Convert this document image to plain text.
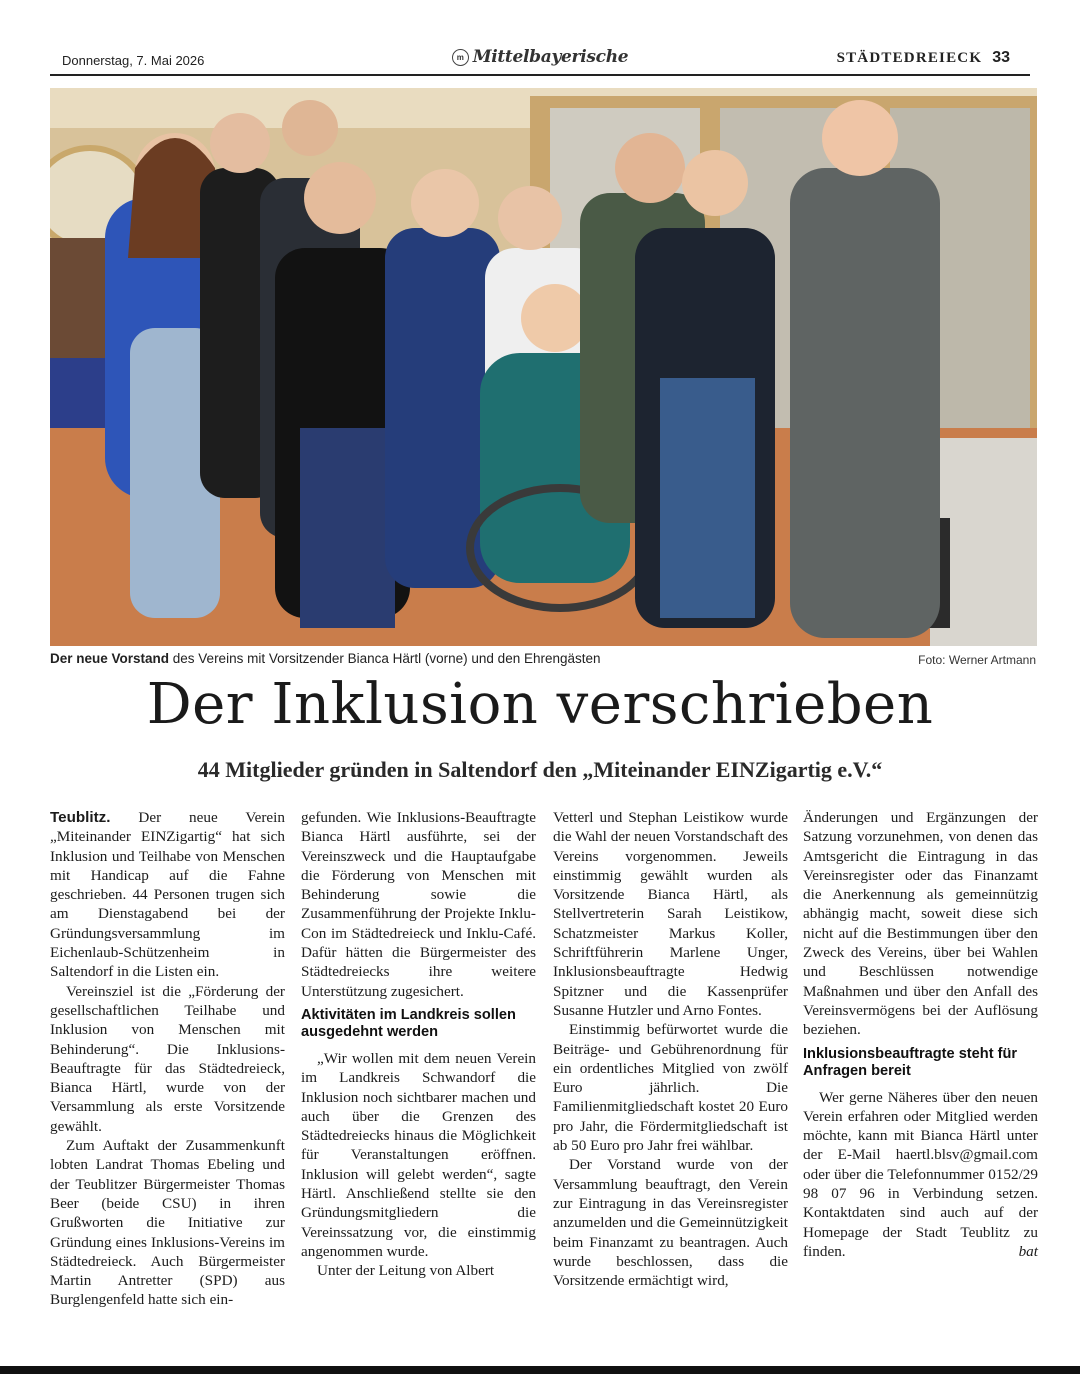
Donnerstag, 7. Mai 2026	m Mittelbayerische	STÄDTEDREIECK 33
Der neue Vorstand des Vereins mit Vorsitzender Bianca Härtl (vorne) und den Ehrengästen	Foto: Werner Artmann
Der Inklusion verschrieben
44 Mitglieder gründen in Saltendorf den „Miteinander EINZigartig e.V.“

Teublitz. Der neue Verein „Miteinander EINZigartig“ hat sich Inklusion und Teilhabe von Menschen mit Handicap auf die Fahne geschrieben. 44 Personen trugen sich am Dienstagabend bei der Gründungsversammlung im Eichenlaub-Schützenheim in Saltendorf in die Listen ein.

Vereinsziel ist die „Förderung der gesellschaftlichen Teilhabe und Inklusion von Menschen mit Behinderung“. Die Inklusions-Beauftragte für das Städtedreieck, Bianca Härtl, wurde von der Versammlung als erste Vorsitzende gewählt.

Zum Auftakt der Zusammenkunft lobten Landrat Thomas Ebeling und der Teublitzer Bürgermeister Thomas Beer (beide CSU) in ihren Grußworten die Initiative zur Gründung eines Inklusions-Vereins im Städtedreieck. Auch Bürgermeister Martin Antretter (SPD) aus Burglengenfeld hatte sich ein-

gefunden. Wie Inklusions-Beauftragte Bianca Härtl ausführte, sei der Vereinszweck und die Hauptaufgabe die Förderung von Menschen mit Behinderung sowie die Zusammenführung der Projekte Inklu-Con im Städtedreieck und Inklu-Café. Dafür hätten die Bürgermeister des Städtedreiecks ihre weitere Unterstützung zugesichert.

Aktivitäten im Landkreis sollen ausgedehnt werden

„Wir wollen mit dem neuen Verein im Landkreis Schwandorf die Inklusion noch sichtbarer machen und auch über die Grenzen des Städtedreiecks hinaus die Möglichkeit für Veranstaltungen eröffnen. Inklusion will gelebt werden“, sagte Härtl. Anschließend stellte sie den Gründungsmitgliedern die Vereinssatzung vor, die einstimmig angenommen wurde.

Unter der Leitung von Albert

Vetterl und Stephan Leistikow wurde die Wahl der neuen Vorstandschaft des Vereins vorgenommen. Jeweils einstimmig gewählt wurden als Vorsitzende Bianca Härtl, als Stellvertreterin Sarah Leistikow, Schatzmeister Markus Koller, Schriftführerin Marlene Unger, Inklusionsbeauftragte Hedwig Spitzner und die Kassenprüfer Susanne Hutzler und Arno Fontes.

Einstimmig befürwortet wurde die Beiträge- und Gebührenordnung für ein ordentliches Mitglied von zwölf Euro jährlich. Die Familienmitgliedschaft kostet 20 Euro pro Jahr, die Fördermitgliedschaft ist ab 50 Euro pro Jahr frei wählbar.

Der Vorstand wurde von der Versammlung beauftragt, den Verein zur Eintragung in das Vereinsregister anzumelden und die Gemeinnützigkeit beim Finanzamt zu beantragen. Auch wurde beschlossen, dass die Vorsitzende ermächtigt wird,

Änderungen und Ergänzungen der Satzung vorzunehmen, von denen das Amtsgericht die Eintragung in das Vereinsregister oder das Finanzamt die Anerkennung als gemeinnützig abhängig macht, soweit diese sich nicht auf die Bestimmungen über den Zweck des Vereins, über bei Wahlen und Beschlüssen notwendige Maßnahmen und über den Anfall des Vereinsvermögens bei der Auflösung beziehen.

Inklusionsbeauftragte steht für Anfragen bereit

Wer gerne Näheres über den neuen Verein erfahren oder Mitglied werden möchte, kann mit Bianca Härtl unter der E-Mail haertl.blsv@gmail.com oder über die Telefonnummer 0152/29 98 07 96 in Verbindung setzen. Kontaktdaten sind auch auf der Homepage der Stadt Teublitz zu finden.	bat
